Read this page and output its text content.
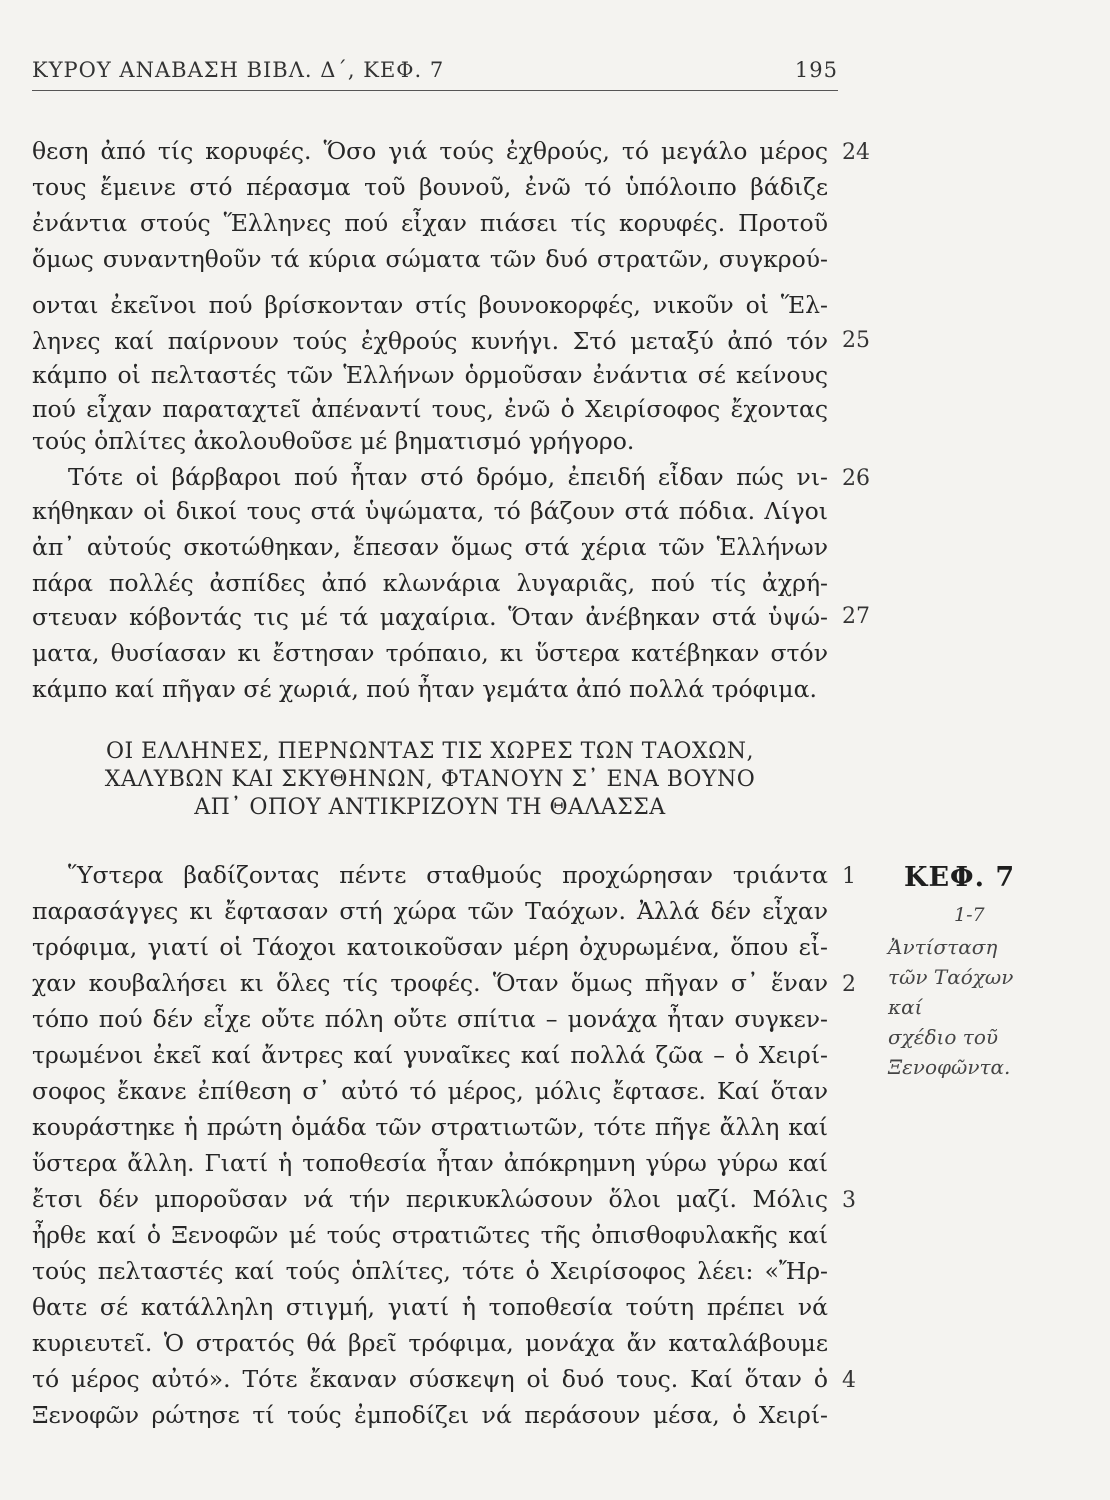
ΚΥΡΟΥ ΑΝΑΒΑΣΗ ΒΙΒΛ. Δ΄, ΚΕΦ. 7	195
θεση ἀπό τίς κορυφές. Ὅσο γιά τούς ἐχθρούς, τό μεγάλο μέρος
τους ἔμεινε στό πέρασμα τοῦ βουνοῦ, ἐνῶ τό ὑπόλοιπο βάδιζε
ἐνάντια στούς Ἕλληνες πού εἶχαν πιάσει τίς κορυφές. Προτοῦ
ὅμως συναντηθοῦν τά κύρια σώματα τῶν δυό στρατῶν, συγκρού-
ονται ἐκεῖνοι πού βρίσκονταν στίς βουνοκορφές, νικοῦν οἱ Ἕλ-
ληνες καί παίρνουν τούς ἐχθρούς κυνήγι. Στό μεταξύ ἀπό τόν
κάμπο οἱ πελταστές τῶν Ἑλλήνων ὁρμοῦσαν ἐνάντια σέ κείνους
πού εἶχαν παραταχτεῖ ἀπέναντί τους, ἐνῶ ὁ Χειρίσοφος ἔχοντας
τούς ὁπλίτες ἀκολουθοῦσε μέ βηματισμό γρήγορο.
Τότε οἱ βάρβαροι πού ἦταν στό δρόμο, ἐπειδή εἶδαν πώς νι-
κήθηκαν οἱ δικοί τους στά ὑψώματα, τό βάζουν στά πόδια. Λίγοι
ἀπ᾿ αὐτούς σκοτώθηκαν, ἔπεσαν ὅμως στά χέρια τῶν Ἑλλήνων
πάρα πολλές ἀσπίδες ἀπό κλωνάρια λυγαριᾶς, πού τίς ἀχρή-
στευαν κόβοντάς τις μέ τά μαχαίρια. Ὅταν ἀνέβηκαν στά ὑψώ-
ματα, θυσίασαν κι ἔστησαν τρόπαιο, κι ὕστερα κατέβηκαν στόν
κάμπο καί πῆγαν σέ χωριά, πού ἦταν γεμάτα ἀπό πολλά τρόφιμα.
24
25
26
27
ΟΙ ΕΛΛΗΝΕΣ, ΠΕΡΝΩΝΤΑΣ ΤΙΣ ΧΩΡΕΣ ΤΩΝ ΤΑΟΧΩΝ,
ΧΑΛΥΒΩΝ ΚΑΙ ΣΚΥΘΗΝΩΝ, ΦΤΑΝΟΥΝ Σ᾿ ΕΝΑ ΒΟΥΝΟ
ΑΠ᾿ ΟΠΟΥ ΑΝΤΙΚΡΙΖΟΥΝ ΤΗ ΘΑΛΑΣΣΑ
Ὕστερα βαδίζοντας πέντε σταθμούς προχώρησαν τριάντα
παρασάγγες κι ἔφτασαν στή χώρα τῶν Ταόχων. Ἀλλά δέν εἶχαν
τρόφιμα, γιατί οἱ Τάοχοι κατοικοῦσαν μέρη ὀχυρωμένα, ὅπου εἶ-
χαν κουβαλήσει κι ὅλες τίς τροφές. Ὅταν ὅμως πῆγαν σ᾿ ἕναν
τόπο πού δέν εἶχε οὔτε πόλη οὔτε σπίτια – μονάχα ἦταν συγκεν-
τρωμένοι ἐκεῖ καί ἄντρες καί γυναῖκες καί πολλά ζῶα – ὁ Χειρί-
σοφος ἔκανε ἐπίθεση σ᾿ αὐτό τό μέρος, μόλις ἔφτασε. Καί ὅταν
κουράστηκε ἡ πρώτη ὁμάδα τῶν στρατιωτῶν, τότε πῆγε ἄλλη καί
ὕστερα ἄλλη. Γιατί ἡ τοποθεσία ἦταν ἀπόκρημνη γύρω γύρω καί
ἔτσι δέν μποροῦσαν νά τήν περικυκλώσουν ὅλοι μαζί. Μόλις
ἦρθε καί ὁ Ξενοφῶν μέ τούς στρατιῶτες τῆς ὀπισθοφυλακῆς καί
τούς πελταστές καί τούς ὁπλίτες, τότε ὁ Χειρίσοφος λέει: «Ἤρ-
θατε σέ κατάλληλη στιγμή, γιατί ἡ τοποθεσία τούτη πρέπει νά
κυριευτεῖ. Ὁ στρατός θά βρεῖ τρόφιμα, μονάχα ἄν καταλάβουμε
τό μέρος αὐτό». Τότε ἔκαναν σύσκεψη οἱ δυό τους. Καί ὅταν ὁ
Ξενοφῶν ρώτησε τί τούς ἐμποδίζει νά περάσουν μέσα, ὁ Χειρί-
1
2
3
4
ΚΕΦ. 7
1-7
Ἀντίσταση
τῶν Ταόχων
καί
σχέδιο τοῦ
Ξενοφῶντα.
